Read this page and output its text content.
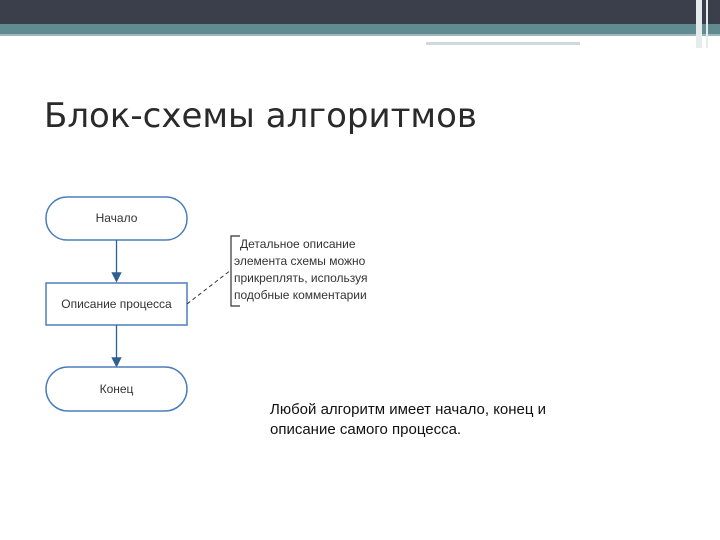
Блок-схемы алгоритмов
Начало
Описание процесса
Конец
Детальное описание
элемента схемы можно
прикреплять, используя
подобные комментарии
Любой алгоритм имеет начало, конец и
описание самого процесса.
